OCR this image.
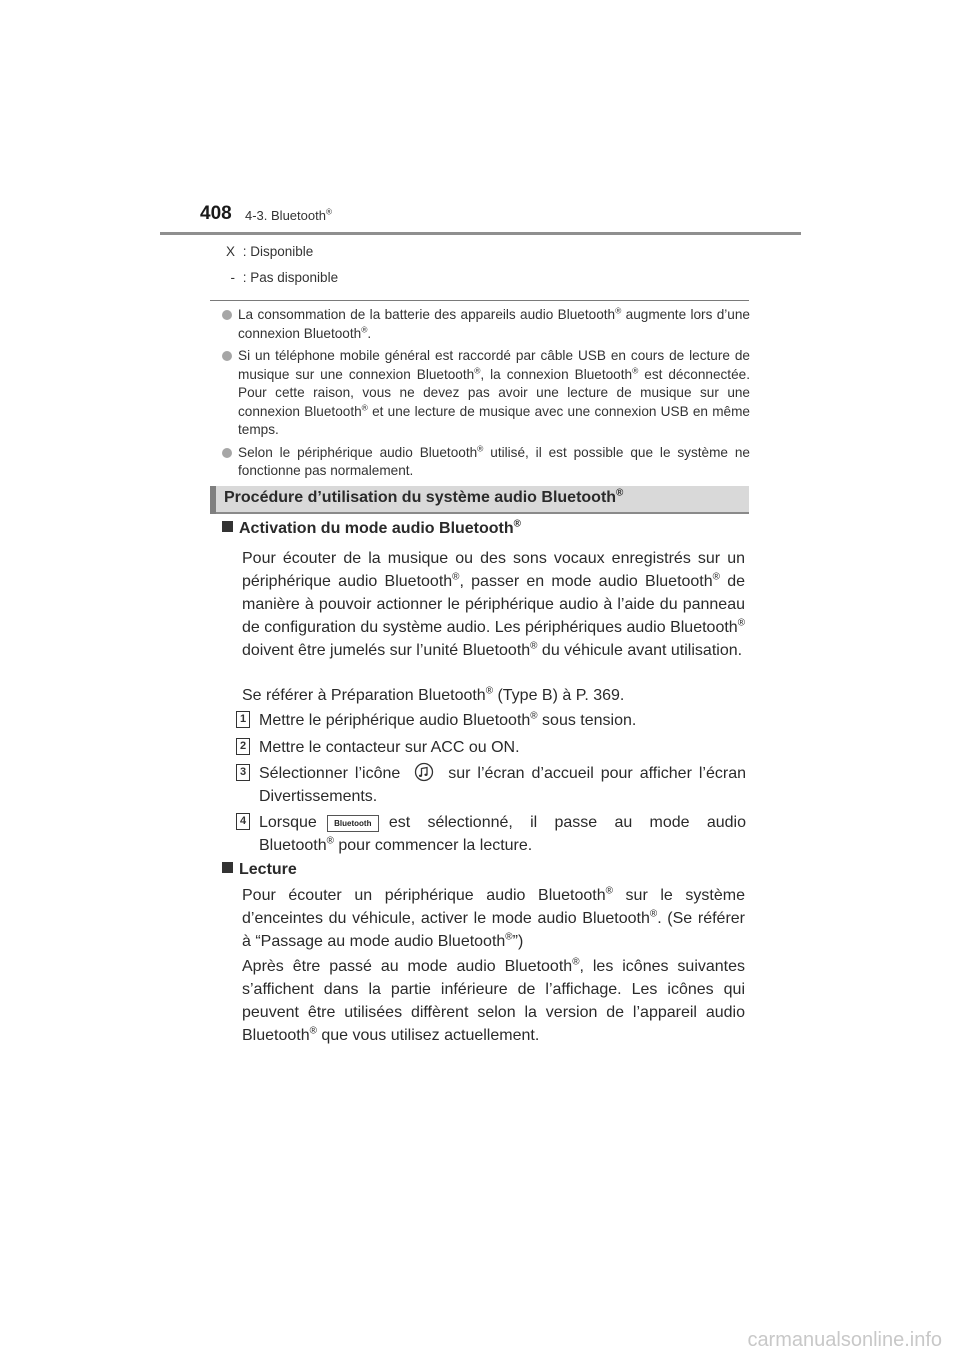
408 4-3. Bluetooth®
X : Disponible
- : Pas disponible
La consommation de la batterie des appareils audio Bluetooth® augmente lors d’une connexion Bluetooth®.
Si un téléphone mobile général est raccordé par câble USB en cours de lecture de musique sur une connexion Bluetooth®, la connexion Bluetooth® est déconnectée. Pour cette raison, vous ne devez pas avoir une lecture de musique sur une connexion Bluetooth® et une lecture de musique avec une connexion USB en même temps.
Selon le périphérique audio Bluetooth® utilisé, il est possible que le système ne fonctionne pas normalement.
Procédure d’utilisation du système audio Bluetooth®
Activation du mode audio Bluetooth®
Pour écouter de la musique ou des sons vocaux enregistrés sur un périphérique audio Bluetooth®, passer en mode audio Bluetooth® de manière à pouvoir actionner le périphérique audio à l’aide du panneau de configuration du système audio. Les périphériques audio Bluetooth® doivent être jumelés sur l’unité Bluetooth® du véhicule avant utilisation.
Se référer à Préparation Bluetooth® (Type B) à P. 369.
1 Mettre le périphérique audio Bluetooth® sous tension.
2 Mettre le contacteur sur ACC ou ON.
3 Sélectionner l’icône	sur l’écran d’accueil pour afficher l’écran Divertissements.
4 Lorsque Bluetooth est sélectionné, il passe au mode audio Bluetooth® pour commencer la lecture.
Lecture
Pour écouter un périphérique audio Bluetooth® sur le système d’enceintes du véhicule, activer le mode audio Bluetooth®. (Se référer à “Passage au mode audio Bluetooth®”)
Après être passé au mode audio Bluetooth®, les icônes suivantes s’affichent dans la partie inférieure de l’affichage. Les icônes qui peuvent être utilisées diffèrent selon la version de l’appareil audio Bluetooth® que vous utilisez actuellement.
carmanualsonline.info
